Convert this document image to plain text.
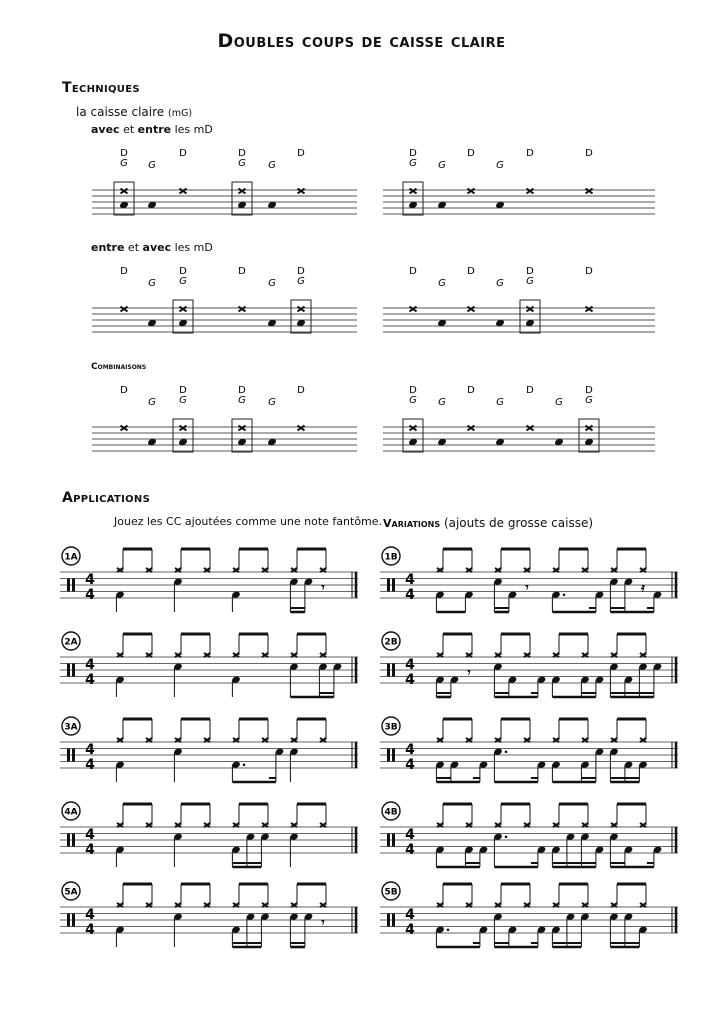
Doubles coups de caisse claire
Techniques
la caisse claire (mG)
avec et entre les mD
entre et avec les mD
Combinaisons
D
G G
D	D
G G
D	D
G G
D
G
D	D
D
G
D
G
D
G
D
G
D
G
D
G
D
G
D
D
G
D
G
D
G G
D	D
G G
D
G
D
G
D
G
Applications
Jouez les CC ajoutées comme une note fantôme. Variations (ajouts de grosse caisse)
1A
4
4	𝄾
1B
4
4	𝄾	𝄿
2A
4
4
2B
4
4	𝄾
3A
4
4
3B
4
4
4A
4
4
4B
4
4
5A
4
4	𝄾
5B
4
4
